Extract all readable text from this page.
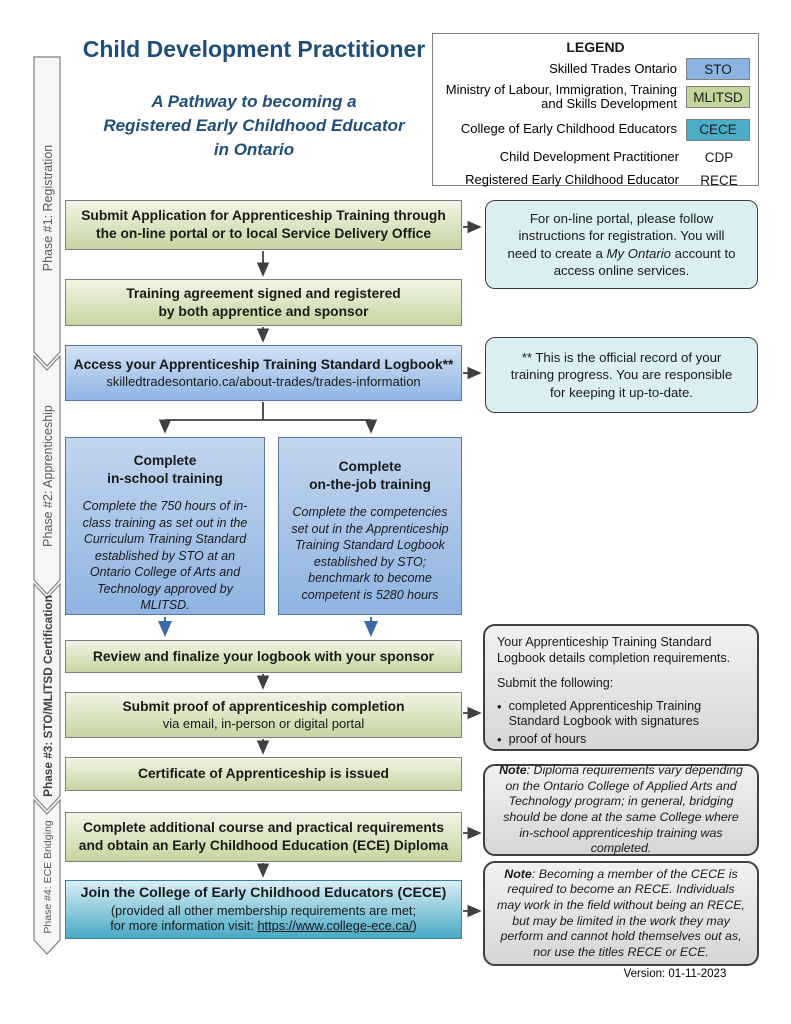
Child Development Practitioner
A Pathway to becoming a
Registered Early Childhood Educator
in Ontario
LEGEND
Skilled Trades Ontario	STO
Ministry of Labour, Immigration, Training and Skills Development	MLITSD
College of Early Childhood Educators	CECE
Child Development Practitioner	CDP
Registered Early Childhood Educator	RECE
Phase #1: Registration
Phase #2: Apprenticeship
Phase #3: STO/MLITSD Certification
Phase #4: ECE Bridging
Submit Application for Apprenticeship Training through
the on-line portal or to local Service Delivery Office
Training agreement signed and registered
by both apprentice and sponsor
Access your Apprenticeship Training Standard Logbook**
skilledtradesontario.ca/about-trades/trades-information
Complete
in-school training
Complete the 750 hours of in-class training as set out in the Curriculum Training Standard established by STO at an Ontario College of Arts and Technology approved by MLITSD.
Complete
on-the-job training
Complete the competencies set out in the Apprenticeship Training Standard Logbook established by STO; benchmark to become competent is 5280 hours
Review and finalize your logbook with your sponsor
Submit proof of apprenticeship completion
via email, in-person or digital portal
Certificate of Apprenticeship is issued
Complete additional course and practical requirements
and obtain an Early Childhood Education (ECE) Diploma
Join the College of Early Childhood Educators (CECE)
(provided all other membership requirements are met;
for more information visit: https://www.college-ece.ca/)
For on-line portal, please follow
instructions for registration. You will
need to create a My Ontario account to
access online services.
** This is the official record of your
training progress. You are responsible
for keeping it up-to-date.
Your Apprenticeship Training Standard Logbook details completion requirements.
Submit the following:
• completed Apprenticeship Training Standard Logbook with signatures
• proof of hours
Note: Diploma requirements vary depending on the Ontario College of Applied Arts and Technology program; in general, bridging should be done at the same College where in-school apprenticeship training was completed.
Note: Becoming a member of the CECE is required to become an RECE. Individuals may work in the field without being an RECE, but may be limited in the work they may perform and cannot hold themselves out as, nor use the titles RECE or ECE.
Version: 01-11-2023
